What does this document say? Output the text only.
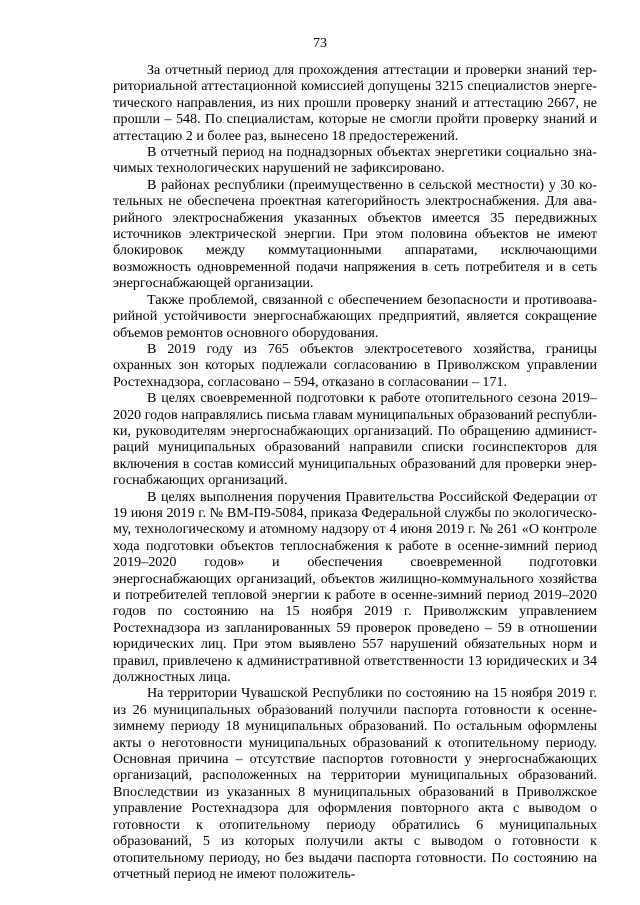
73

За отчетный период для прохождения аттестации и проверки знаний территориальной аттестационной комиссией допущены 3215 специалистов энергетического направления, из них прошли проверку знаний и аттестацию 2667, не прошли – 548. По специалистам, которые не смогли пройти проверку знаний и аттестацию 2 и более раз, вынесено 18 предостережений.

В отчетный период на поднадзорных объектах энергетики социально значимых технологических нарушений не зафиксировано.

В районах республики (преимущественно в сельской местности) у 30 котельных не обеспечена проектная категорийность электроснабжения. Для аварийного электроснабжения указанных объектов имеется 35 передвижных источников электрической энергии. При этом половина объектов не имеют блокировок между коммутационными аппаратами, исключающими возможность одновременной подачи напряжения в сеть потребителя и в сеть энергоснабжающей организации.

Также проблемой, связанной с обеспечением безопасности и противоаварийной устойчивости энергоснабжающих предприятий, является сокращение объемов ремонтов основного оборудования.

В 2019 году из 765 объектов электросетевого хозяйства, границы охранных зон которых подлежали согласованию в Приволжском управлении Ростехнадзора, согласовано – 594, отказано в согласовании – 171.

В целях своевременной подготовки к работе отопительного сезона 2019–2020 годов направлялись письма главам муниципальных образований республики, руководителям энергоснабжающих организаций. По обращению администраций муниципальных образований направили списки госинспекторов для включения в состав комиссий муниципальных образований для проверки энергоснабжающих организаций.

В целях выполнения поручения Правительства Российской Федерации от 19 июня 2019 г. № ВМ-П9-5084, приказа Федеральной службы по экологическому, технологическому и атомному надзору от 4 июня 2019 г. № 261 «О контроле хода подготовки объектов теплоснабжения к работе в осенне-зимний период 2019–2020 годов» и обеспечения своевременной подготовки энергоснабжающих организаций, объектов жилищно-коммунального хозяйства и потребителей тепловой энергии к работе в осенне-зимний период 2019–2020 годов по состоянию на 15 ноября 2019 г. Приволжским управлением Ростехнадзора из запланированных 59 проверок проведено – 59 в отношении юридических лиц. При этом выявлено 557 нарушений обязательных норм и правил, привлечено к административной ответственности 13 юридических и 34 должностных лица.

На территории Чувашской Республики по состоянию на 15 ноября 2019 г. из 26 муниципальных образований получили паспорта готовности к осенне-зимнему периоду 18 муниципальных образований. По остальным оформлены акты о неготовности муниципальных образований к отопительному периоду. Основная причина – отсутствие паспортов готовности у энергоснабжающих организаций, расположенных на территории муниципальных образований. Впоследствии из указанных 8 муниципальных образований в Приволжское управление Ростехнадзора для оформления повторного акта с выводом о готовности к отопительному периоду обратились 6 муниципальных образований, 5 из которых получили акты с выводом о готовности к отопительному периоду, но без выдачи паспорта готовности. По состоянию на отчетный период не имеют положитель-
